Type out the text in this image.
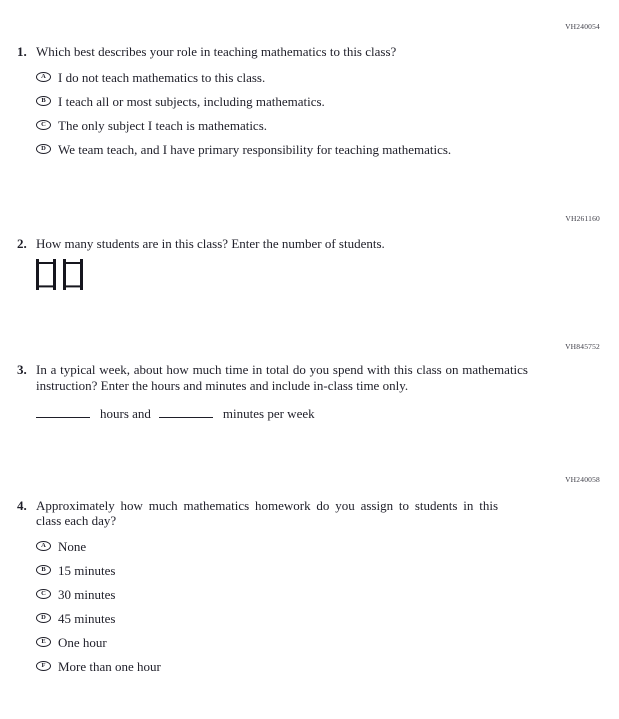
VH240054
1. Which best describes your role in teaching mathematics to this class?

A I do not teach mathematics to this class.
B I teach all or most subjects, including mathematics.
C The only subject I teach is mathematics.
D We team teach, and I have primary responsibility for teaching mathematics.
VH261160
2. How many students are in this class? Enter the number of students.

VH845752
3. In a typical week, about how much time in total do you spend with this class on mathematics instruction? Enter the hours and minutes and include in-class time only.

hours and	minutes per week
VH240058
4. Approximately how much mathematics homework do you assign to students in this class each day?

A None
B 15 minutes
C 30 minutes
D 45 minutes
E One hour
F More than one hour
